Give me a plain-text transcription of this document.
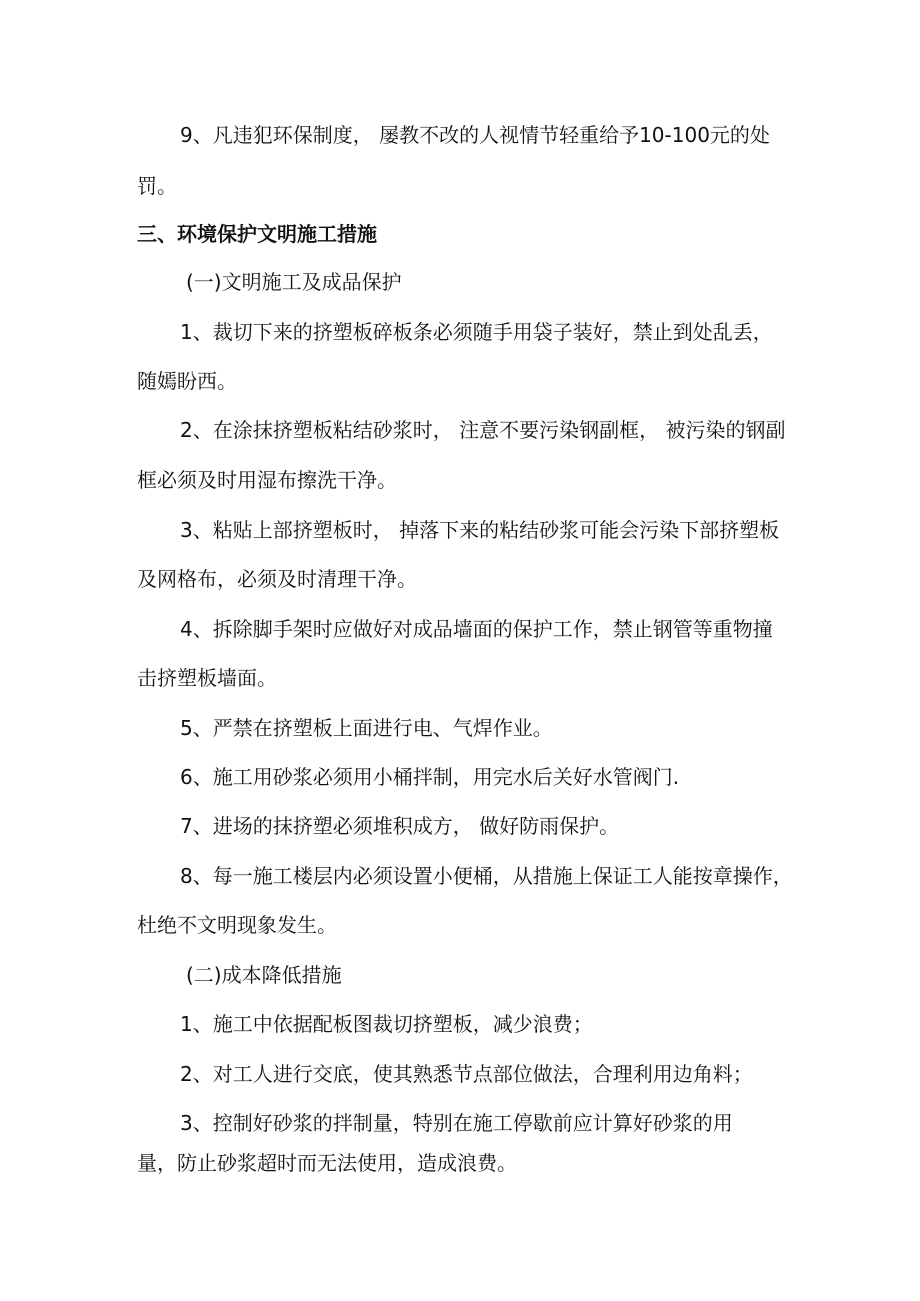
9、凡违犯环保制度， 屡教不改的人视情节轻重给予10-100元的处
罚。
三、环境保护文明施工措施
(一)文明施工及成品保护
1、裁切下来的挤塑板碎板条必须随手用袋子装好，禁止到处乱丢，
随嫣盼西。
2、在涂抹挤塑板粘结砂浆时， 注意不要污染钢副框， 被污染的钢副
框必须及时用湿布擦洗干净。
3、粘贴上部挤塑板时， 掉落下来的粘结砂浆可能会污染下部挤塑板
及网格布，必须及时清理干净。
4、拆除脚手架时应做好对成品墙面的保护工作，禁止钢管等重物撞
击挤塑板墙面。
5、严禁在挤塑板上面进行电、气焊作业。
6、施工用砂浆必须用小桶拌制，用完水后关好水管阀门.
7、进场的抹挤塑必须堆积成方， 做好防雨保护。
8、每一施工楼层内必须设置小便桶，从措施上保证工人能按章操作，
杜绝不文明现象发生。
(二)成本降低措施
1、施工中依据配板图裁切挤塑板，减少浪费；
2、对工人进行交底，使其熟悉节点部位做法，合理利用边角料；
3、控制好砂浆的拌制量，特别在施工停歇前应计算好砂浆的用
量，防止砂浆超时而无法使用，造成浪费。
